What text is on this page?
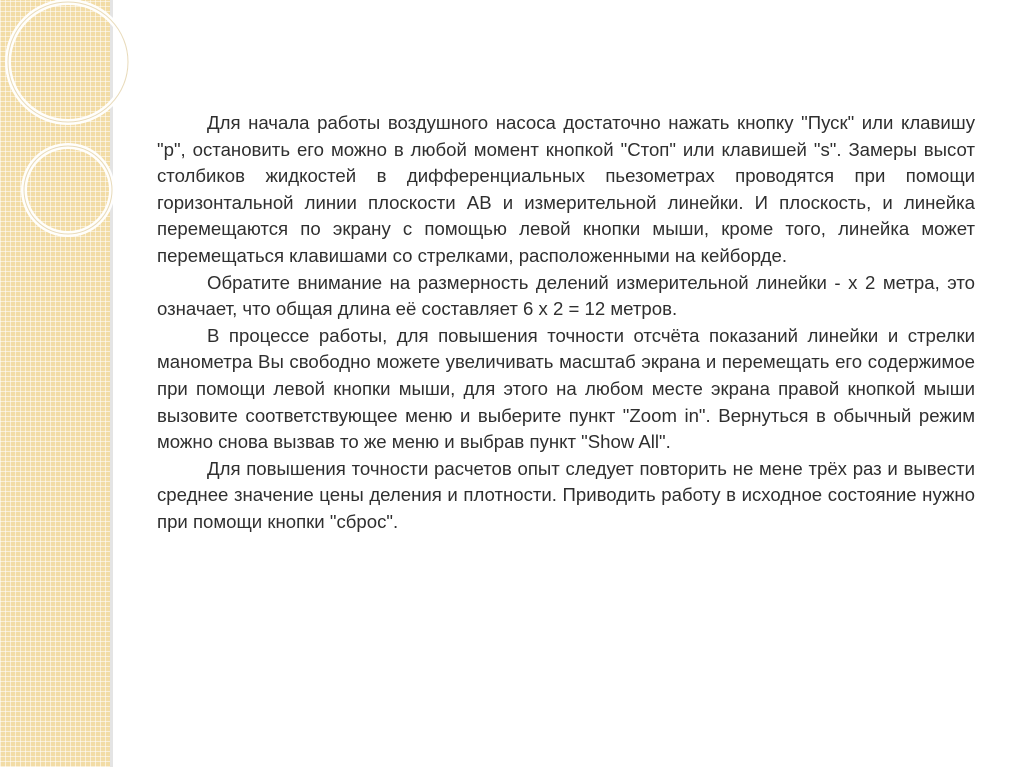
Для начала работы воздушного насоса достаточно нажать кнопку "Пуск" или клавишу "р", остановить его можно в любой момент кнопкой "Стоп" или клавишей "s". Замеры высот столбиков жидкостей в дифференциальных пьезометрах проводятся при помощи горизонтальной линии плоскости АВ и измерительной линейки. И плоскость, и линейка перемещаются по экрану с помощью левой кнопки мыши, кроме того, линейка может перемещаться клавишами со стрелками, расположенными на кейборде.

Обратите внимание на размерность делений измерительной линейки - х 2 метра, это означает, что общая длина её составляет 6 х 2 = 12 метров.

В процессе работы, для повышения точности отсчёта показаний линейки и стрелки манометра Вы свободно можете увеличивать масштаб экрана и перемещать его содержимое при помощи левой кнопки мыши, для этого на любом месте экрана правой кнопкой мыши вызовите соответствующее меню и выберите пункт "Zoom in". Вернуться в обычный режим можно снова вызвав то же меню и выбрав пункт "Show All".

Для повышения точности расчетов опыт следует повторить не мене трёх раз и вывести среднее значение цены деления и плотности. Приводить работу в исходное состояние нужно при помощи кнопки "сброс".
